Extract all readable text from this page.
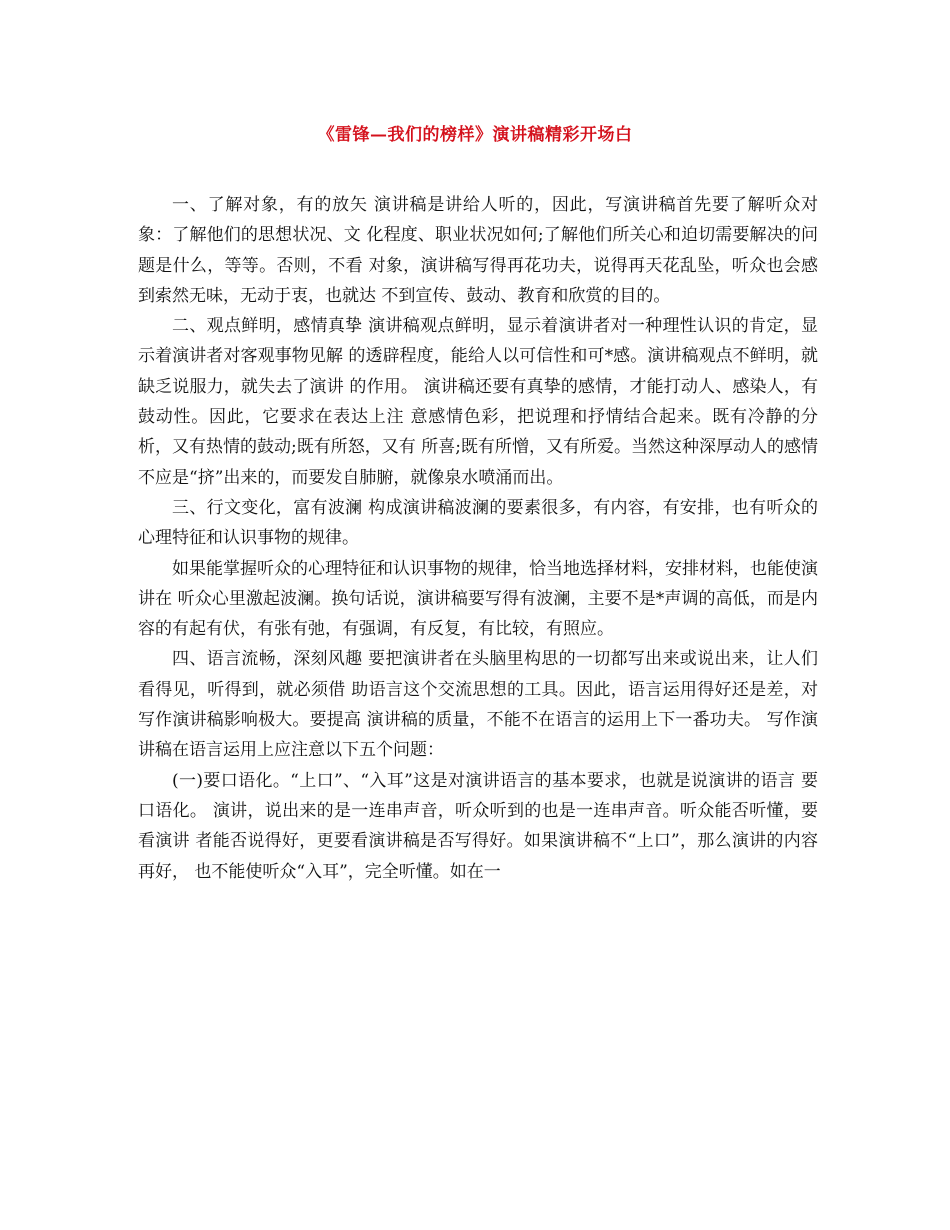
《雷锋—我们的榜样》演讲稿精彩开场白

一、了解对象，有的放矢 演讲稿是讲给人听的，因此，写演讲稿首先要了解听众对象：了解他们的思想状况、文 化程度、职业状况如何;了解他们所关心和迫切需要解决的问题是什么，等等。否则，不看 对象，演讲稿写得再花功夫，说得再天花乱坠，听众也会感到索然无味，无动于衷，也就达 不到宣传、鼓动、教育和欣赏的目的。

二、观点鲜明，感情真挚 演讲稿观点鲜明，显示着演讲者对一种理性认识的肯定，显示着演讲者对客观事物见解 的透辟程度，能给人以可信性和可*感。演讲稿观点不鲜明，就缺乏说服力，就失去了演讲 的作用。 演讲稿还要有真挚的感情，才能打动人、感染人，有鼓动性。因此，它要求在表达上注 意感情色彩，把说理和抒情结合起来。既有冷静的分析，又有热情的鼓动;既有所怒，又有 所喜;既有所憎，又有所爱。当然这种深厚动人的感情不应是“挤”出来的，而要发自肺腑，就像泉水喷涌而出。

三、行文变化，富有波澜 构成演讲稿波澜的要素很多，有内容，有安排，也有听众的心理特征和认识事物的规律。

如果能掌握听众的心理特征和认识事物的规律，恰当地选择材料，安排材料，也能使演讲在 听众心里激起波澜。换句话说，演讲稿要写得有波澜，主要不是*声调的高低，而是内容的有起有伏，有张有弛，有强调，有反复，有比较，有照应。

四、语言流畅，深刻风趣 要把演讲者在头脑里构思的一切都写出来或说出来，让人们看得见，听得到，就必须借 助语言这个交流思想的工具。因此，语言运用得好还是差，对写作演讲稿影响极大。要提高 演讲稿的质量，不能不在语言的运用上下一番功夫。 写作演讲稿在语言运用上应注意以下五个问题：

(一)要口语化。“上口”、“入耳”这是对演讲语言的基本要求，也就是说演讲的语言 要口语化。 演讲，说出来的是一连串声音，听众听到的也是一连串声音。听众能否听懂，要看演讲 者能否说得好，更要看演讲稿是否写得好。如果演讲稿不“上口”，那么演讲的内容再好， 也不能使听众“入耳”，完全听懂。如在一
